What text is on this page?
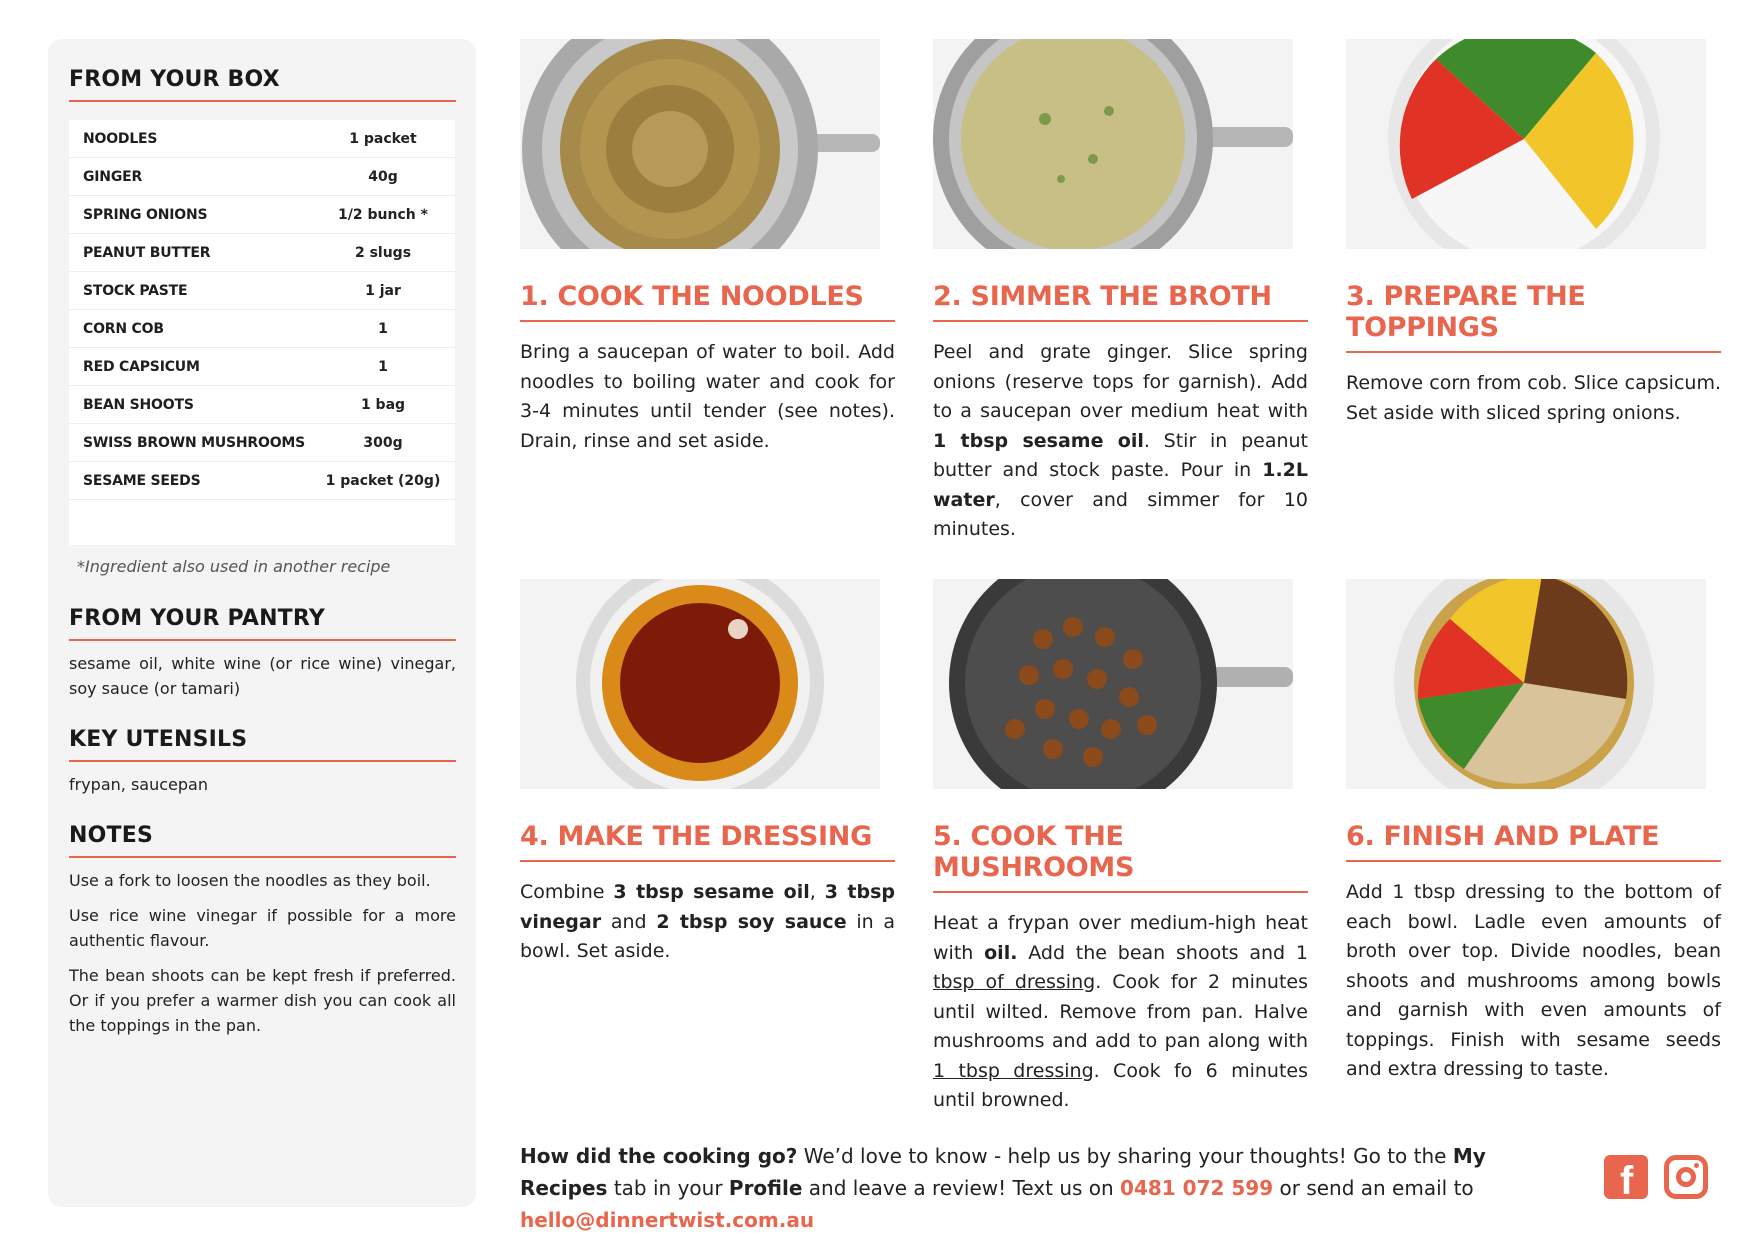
FROM YOUR BOX
NOODLES	1 packet
GINGER	40g
SPRING ONIONS	1/2 bunch *
PEANUT BUTTER	2 slugs
STOCK PASTE	1 jar
CORN COB	1
RED CAPSICUM	1
BEAN SHOOTS	1 bag
SWISS BROWN MUSHROOMS	300g
SESAME SEEDS	1 packet (20g)
*Ingredient also used in another recipe
FROM YOUR PANTRY
sesame oil, white wine (or rice wine) vinegar, soy sauce (or tamari)
KEY UTENSILS
frypan, saucepan
NOTES

Use a fork to loosen the noodles as they boil.

Use rice wine vinegar if possible for a more authentic flavour.

The bean shoots can be kept fresh if preferred. Or if you prefer a warmer dish you can cook all the toppings in the pan.

1. COOK THE NOODLES
Bring a saucepan of water to boil. Add noodles to boiling water and cook for 3-4 minutes until tender (see notes). Drain, rinse and set aside.
2. SIMMER THE BROTH
Peel and grate ginger. Slice spring onions (reserve tops for garnish). Add to a saucepan over medium heat with 1 tbsp sesame oil. Stir in peanut butter and stock paste. Pour in 1.2L water, cover and simmer for 10 minutes.
3. PREPARE THE TOPPINGS
Remove corn from cob. Slice capsicum. Set aside with sliced spring onions.
4. MAKE THE DRESSING
Combine 3 tbsp sesame oil, 3 tbsp vinegar and 2 tbsp soy sauce in a bowl. Set aside.
5. COOK THE MUSHROOMS
Heat a frypan over medium-high heat with oil. Add the bean shoots and 1 tbsp of dressing. Cook for 2 minutes until wilted. Remove from pan. Halve mushrooms and add to pan along with 1 tbsp dressing. Cook fo 6 minutes until browned.
6. FINISH AND PLATE
Add 1 tbsp dressing to the bottom of each bowl. Ladle even amounts of broth over top. Divide noodles, bean shoots and mushrooms among bowls and garnish with even amounts of toppings. Finish with sesame seeds and extra dressing to taste.
How did the cooking go? We’d love to know - help us by sharing your thoughts! Go to the My Recipes tab in your Profile and leave a review! Text us on 0481 072 599 or send an email to hello@dinnertwist.com.au
f
